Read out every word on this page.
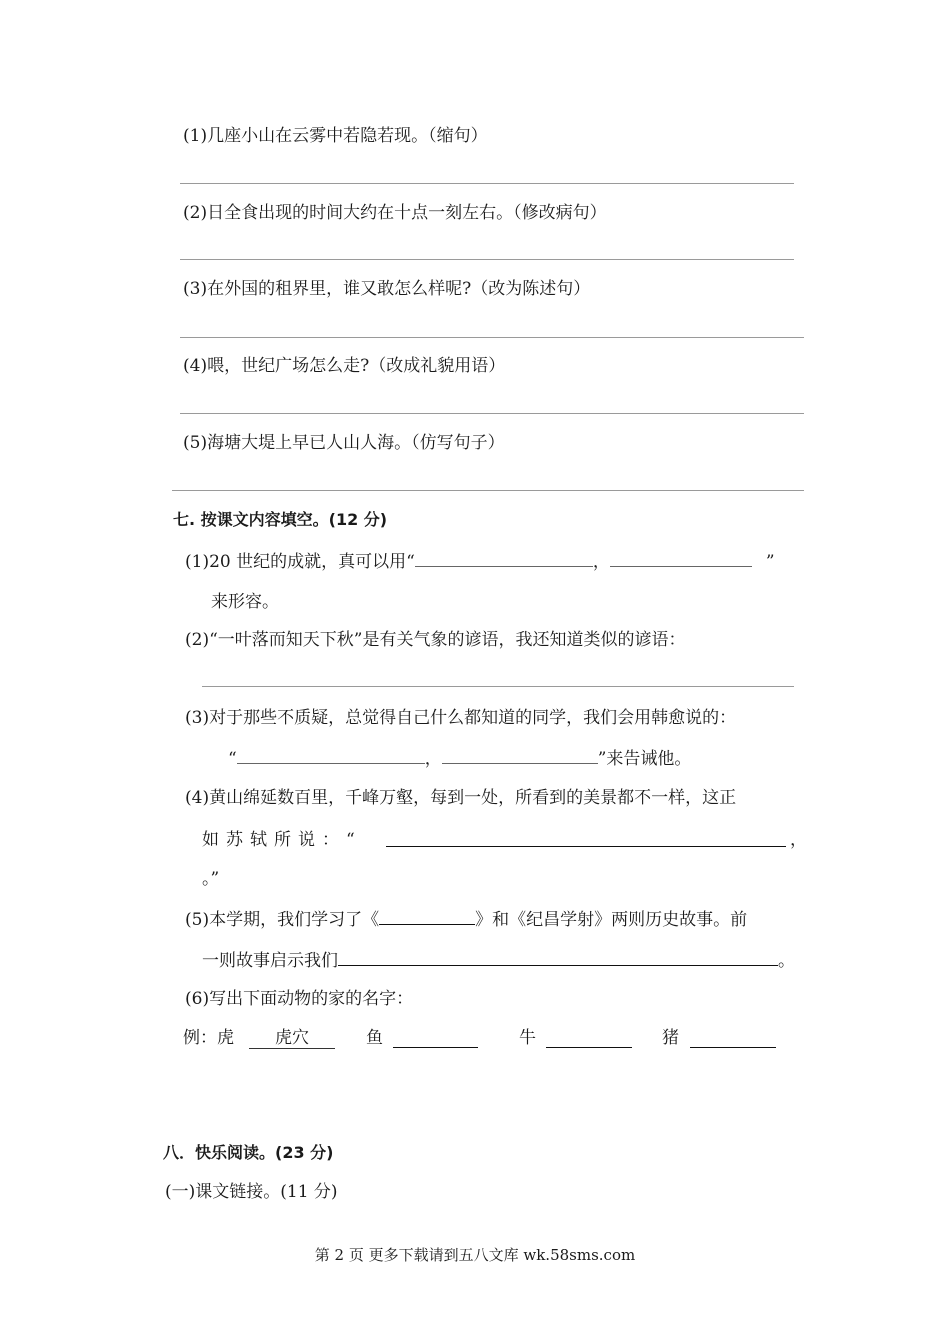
(1)几座小山在云雾中若隐若现。（缩句）
(2)日全食出现的时间大约在十点一刻左右。（修改病句）
(3)在外国的租界里，谁又敢怎么样呢?（改为陈述句）
(4)喂，世纪广场怎么走?（改成礼貌用语）
(5)海塘大堤上早已人山人海。（仿写句子）
七. 按课文内容填空。(12 分)
(1)20 世纪的成就，真可以用“	，	”
来形容。
(2)“一叶落而知天下秋”是有关气象的谚语，我还知道类似的谚语：
(3)对于那些不质疑，总觉得自己什么都知道的同学，我们会用韩愈说的：
“	，	”来告诫他。
(4)黄山绵延数百里，千峰万壑，每到一处，所看到的美景都不一样，这正
如苏轼所说：“	，
。”
(5)本学期，我们学习了《	》和《纪昌学射》两则历史故事。前
一则故事启示我们	。
(6)写出下面动物的家的名字：
例：虎	虎穴	鱼	牛	猪
八．快乐阅读。(23 分)
(一)课文链接。(11 分)
第 2 页 更多下载请到五八文库 wk.58sms.com
